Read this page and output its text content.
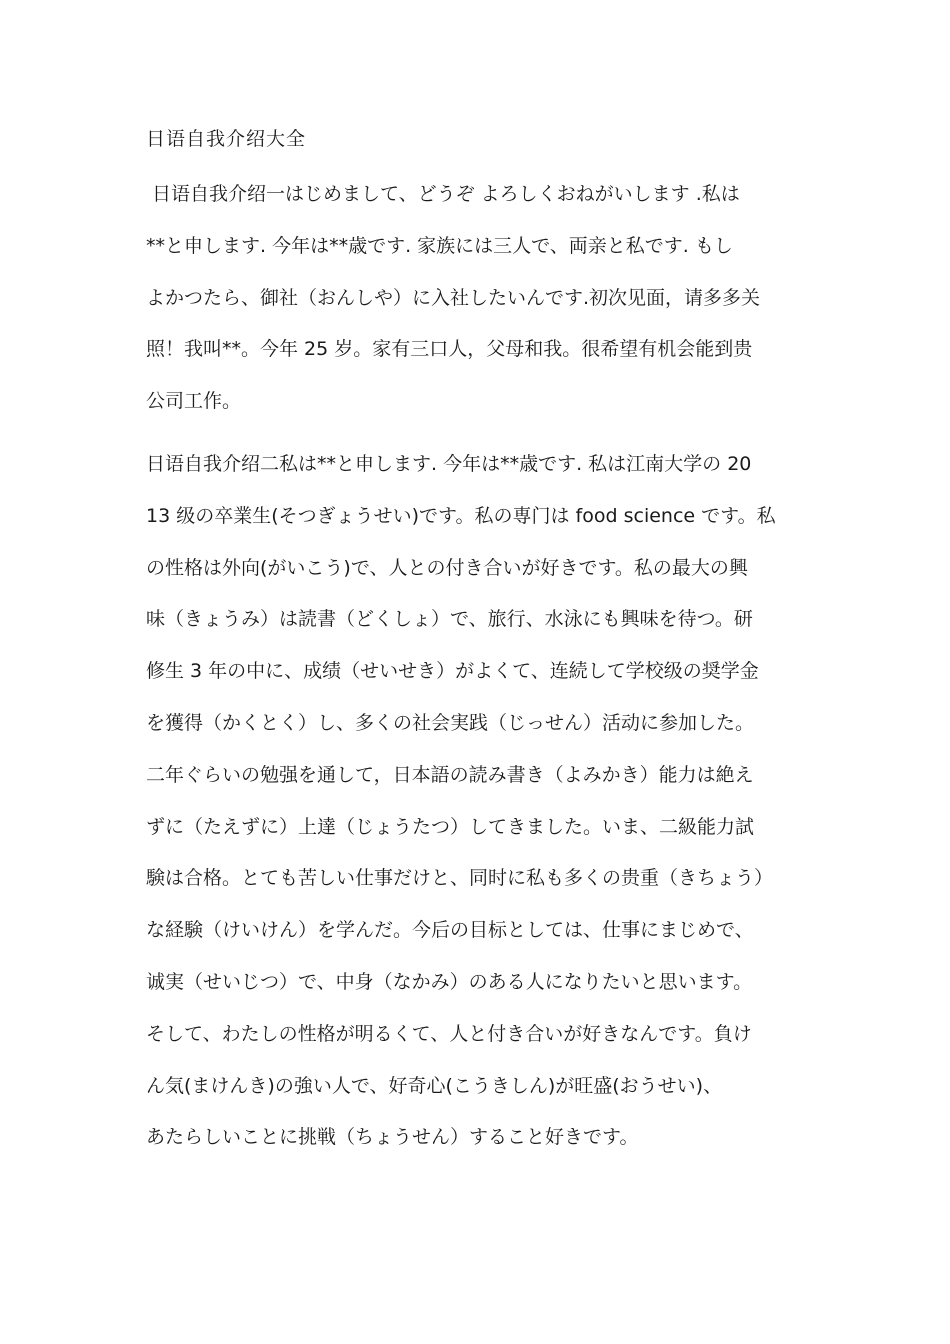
日语自我介绍大全
日语自我介绍一はじめまして、どうぞ よろしくおねがいします .私は
**と申します. 今年は**歳です. 家族には三人で、両亲と私です. もし
よかつたら、御社（おんしや）に入社したいんです.初次见面，请多多关
照！我叫**。今年 25 岁。家有三口人，父母和我。很希望有机会能到贵
公司工作。
日语自我介绍二私は**と申します. 今年は**歳です. 私は江南大学の 20
13 级の卒業生(そつぎょうせい)です。私の専门は food science です。私
の性格は外向(がいこう)で、人との付き合いが好きです。私の最大の興
味（きょうみ）は読書（どくしょ）で、旅行、水泳にも興味を待つ。研
修生 3 年の中に、成绩（せいせき）がよくて、连続して学校级の奨学金
を獲得（かくとく）し、多くの社会実践（じっせん）活动に参加した。
二年ぐらいの勉强を通して，日本語の読み書き（よみかき）能力は絶え
ずに（たえずに）上達（じょうたつ）してきました。いま、二級能力試
験は合格。とても苦しい仕事だけと、同时に私も多くの贵重（きちょう）
な経験（けいけん）を学んだ。今后の目标としては、仕事にまじめで、
诚実（せいじつ）で、中身（なかみ）のある人になりたいと思います。
そして、わたしの性格が明るくて、人と付き合いが好きなんです。負け
ん気(まけんき)の強い人で、好奇心(こうきしん)が旺盛(おうせい)、
あたらしいことに挑戦（ちょうせん）すること好きです。
